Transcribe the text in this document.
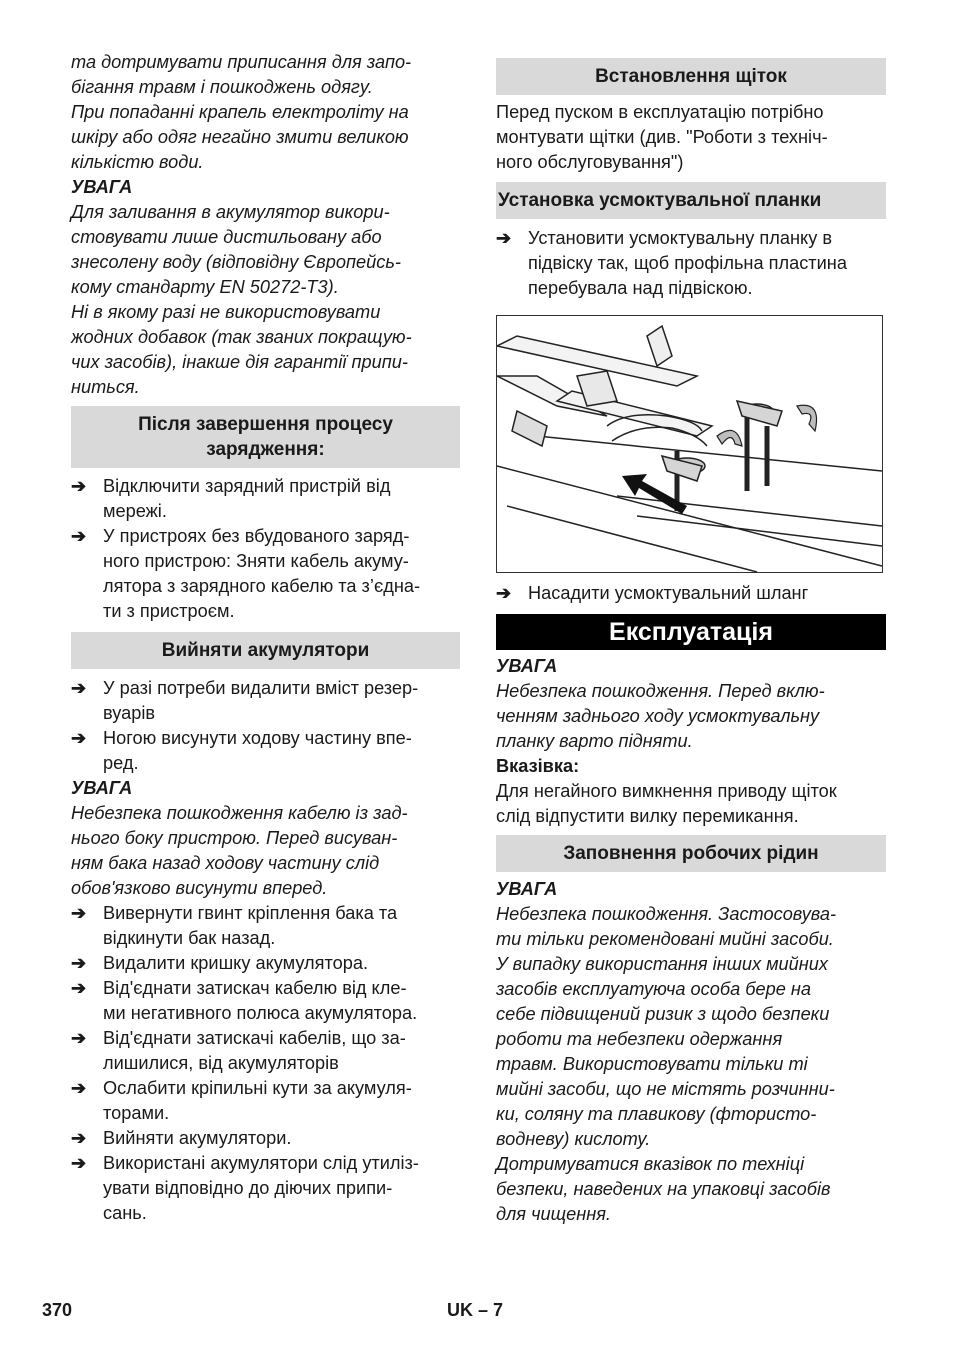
та дотримувати приписання для запо-
бігання травм і пошкоджень одягу.
При попаданні крапель електроліту на
шкіру або одяг негайно змити великою
кількістю води.
УВАГА
Для заливання в акумулятор викори-
стовувати лише дистильовану або
знесолену воду (відповідну Європейсь-
кому стандарту EN 50272-T3).
Ні в якому разі не використовувати
жодних добавок (так званих покращую-
чих засобів), інакше дія гарантії припи-
ниться.
Після завершення процесу
зарядження:
➔ Відключити зарядний пристрій від
мережі.
➔ У пристроях без вбудованого заряд-
ного пристрою: Зняти кабель акуму-
лятора з зарядного кабелю та з’єдна-
ти з пристроєм.
Вийняти акумулятори
➔ У разі потреби видалити вміст резер-
вуарів
➔ Ногою висунути ходову частину впе-
ред.
УВАГА
Небезпека пошкодження кабелю із зад-
нього боку пристрою. Перед висуван-
ням бака назад ходову частину слід
обов'язково висунути вперед.
➔ Вивернути гвинт кріплення бака та
відкинути бак назад.
➔ Видалити кришку акумулятора.
➔ Від'єднати затискач кабелю від кле-
ми негативного полюса акумулятора.
➔ Від'єднати затискачі кабелів, що за-
лишилися, від акумуляторів
➔ Ослабити кріпильні кути за акумуля-
торами.
➔ Вийняти акумулятори.
➔ Використані акумулятори слід утиліз-
увати відповідно до діючих припи-
сань.
Встановлення щіток
Перед пуском в експлуатацію потрібно
монтувати щітки (див. "Роботи з техніч-
ного обслуговування")
Установка усмоктувальної планки
➔ Установити усмоктувальну планку в
підвіску так, щоб профільна пластина
перебувала над підвіскою.
➔ Насадити усмоктувальний шланг
Експлуатація
УВАГА
Небезпека пошкодження. Перед вклю-
ченням заднього ходу усмоктувальну
планку варто підняти.
Вказівка:
Для негайного вимкнення приводу щіток
слід відпустити вилку перемикання.
Заповнення робочих рідин
УВАГА
Небезпека пошкодження. Застосовува-
ти тільки рекомендовані мийні засоби.
У випадку використання інших мийних
засобів експлуатуюча особа бере на
себе підвищений ризик з щодо безпеки
роботи та небезпеки одержання
травм. Використовувати тільки ті
мийні засоби, що не містять розчинни-
ки, соляну та плавикову (фтористо-
водневу) кислоту.
Дотримуватися вказівок по техніці
безпеки, наведених на упаковці засобів
для чищення.
370	UK – 7
